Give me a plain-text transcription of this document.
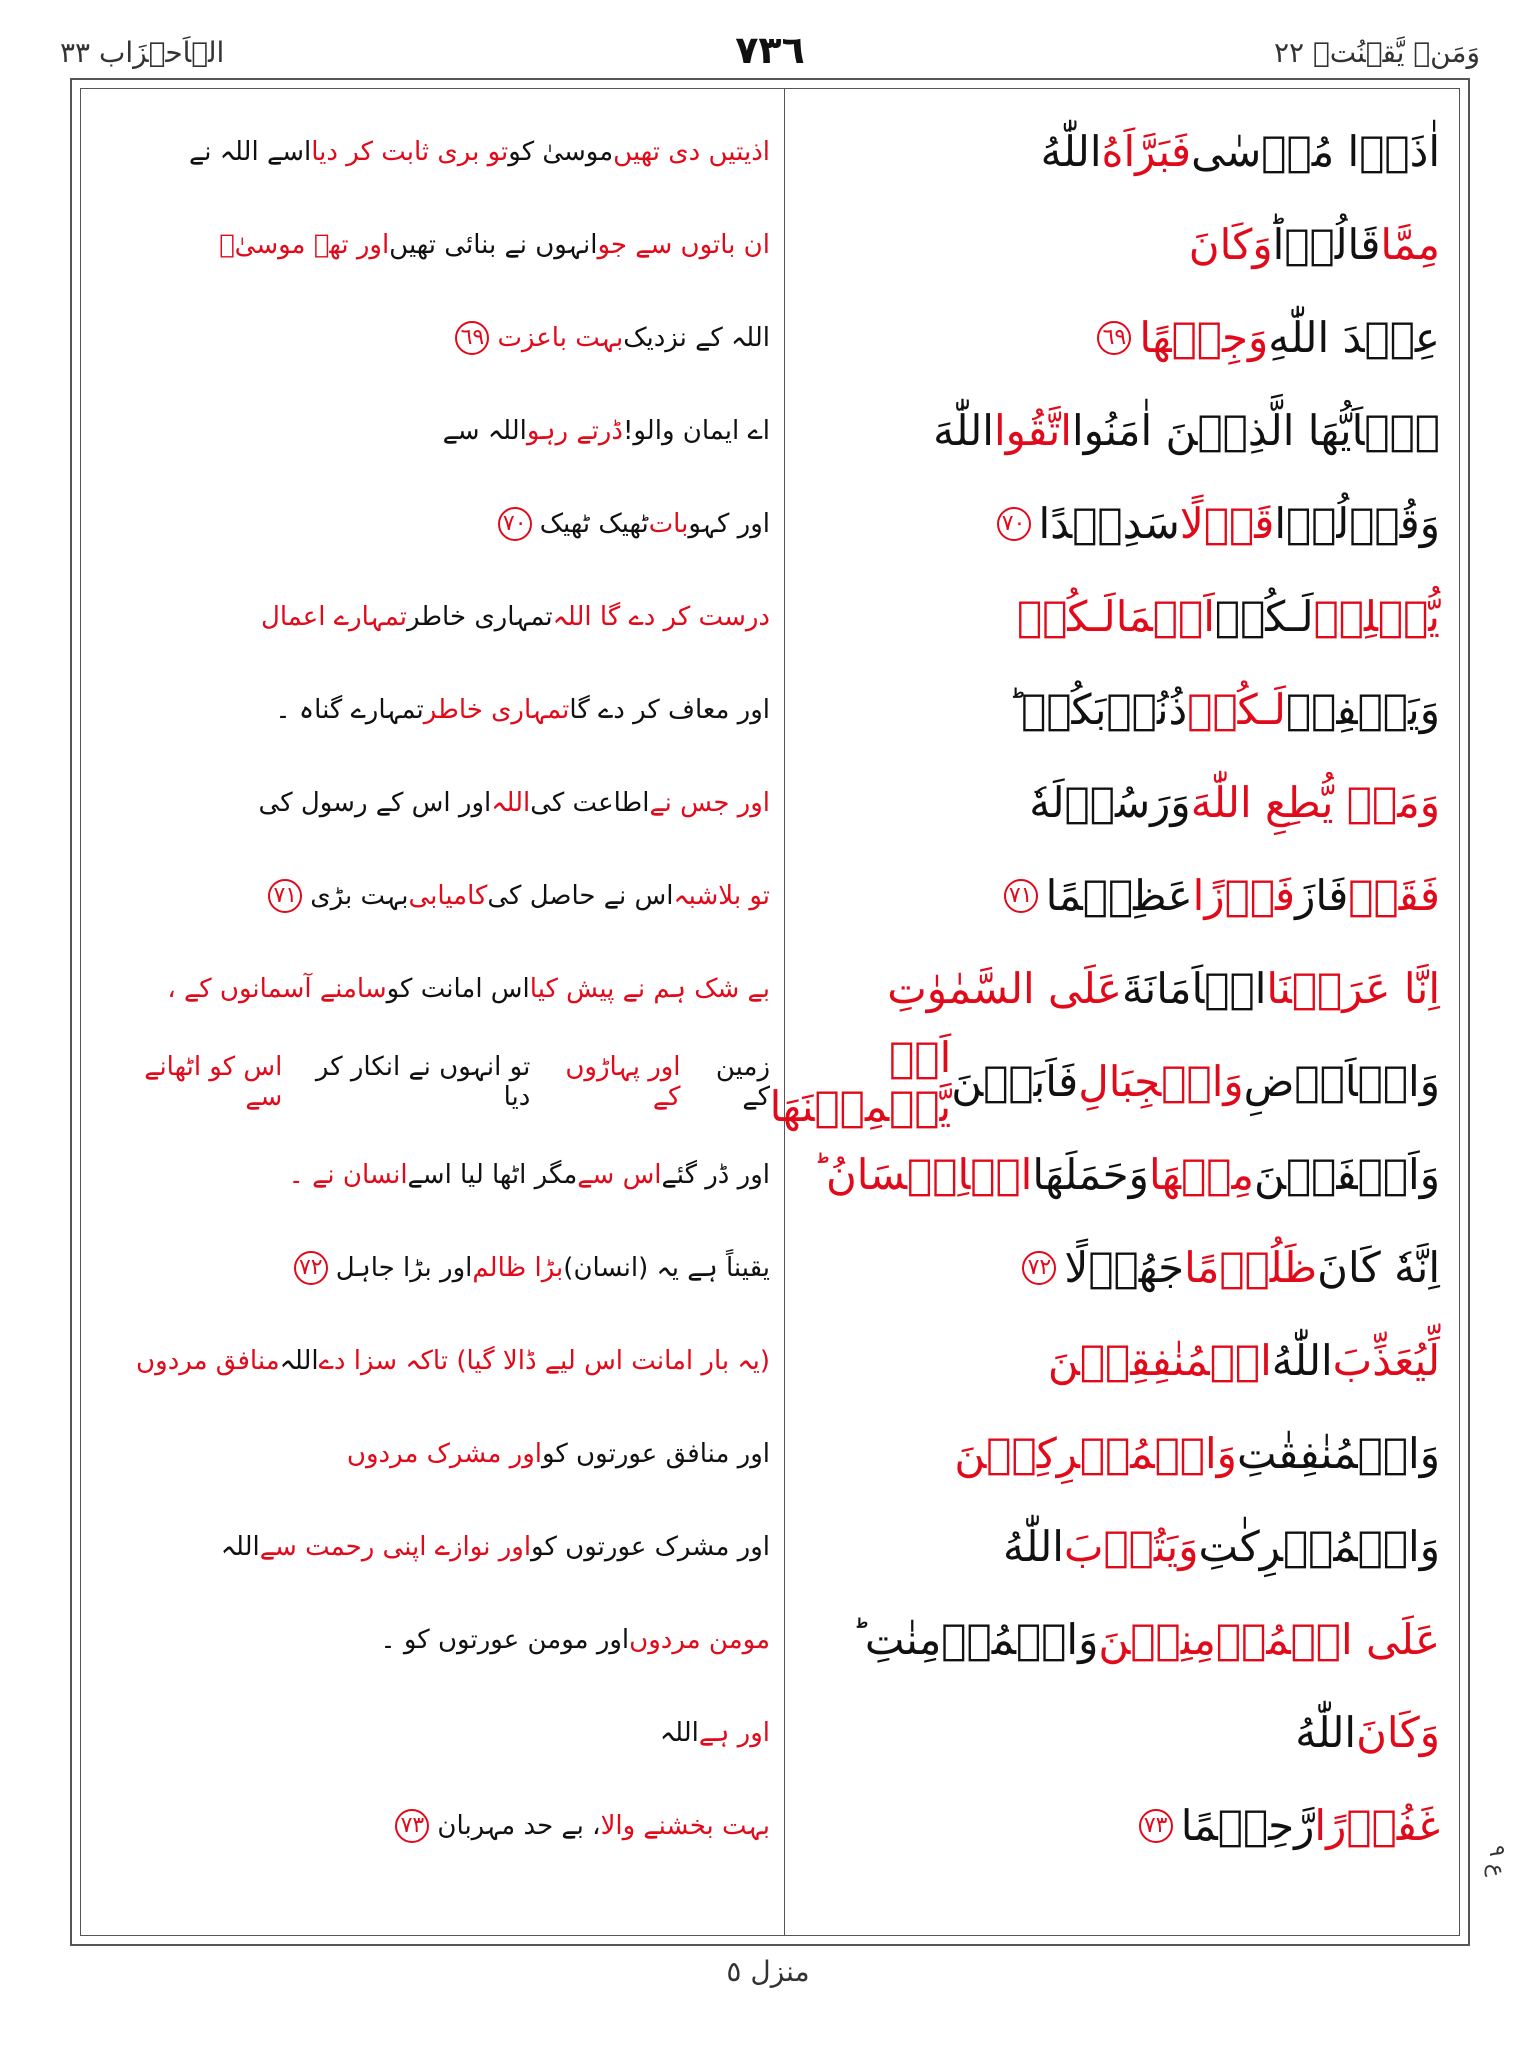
وَمَنۡ يَّقۡنُتۡ ٢٢
٧٣٦
الۡاَحۡزَاب ٣٣
اٰذَوۡا مُوۡسٰى
فَبَرَّاَهُ
اللّٰهُ
مِمَّا
قَالُوۡا‌ؕ
وَكَانَ
عِنۡدَ اللّٰهِ
وَجِيۡهًا
٦٩
يٰۤاَيُّهَا الَّذِيۡنَ اٰمَنُوا
اتَّقُوا
اللّٰهَ
وَقُوۡلُوۡا
قَوۡلًا
سَدِيۡدًا
٧٠
يُّصۡلِحۡ
لَـكُمۡ
اَعۡمَالَـكُمۡ
وَيَغۡفِرۡ
لَـكُمۡ
ذُنُوۡبَكُمۡ‌ ؕ
وَمَنۡ يُّطِعِ اللّٰهَ
وَرَسُوۡلَهٗ
فَقَدۡ
فَازَ
فَوۡزًا
عَظِيۡمًا
٧١
اِنَّا عَرَضۡنَا
الۡاَمَانَةَ
عَلَى السَّمٰوٰتِ
وَالۡاَرۡضِ
وَالۡجِبَالِ
فَاَبَيۡنَ
اَنۡ يَّحۡمِلۡنَهَا
وَاَشۡفَقۡنَ
مِنۡهَا
وَحَمَلَهَا
الۡاِنۡسَانُ‌ ؕ
اِنَّهٗ كَانَ
ظَلُوۡمًا
جَهُوۡلًا
٧٢
لِّيُعَذِّبَ
اللّٰهُ
الۡمُنٰفِقِيۡنَ
وَالۡمُنٰفِقٰتِ
وَالۡمُشۡرِكِيۡنَ
وَالۡمُشۡرِكٰتِ
وَيَتُوۡبَ
اللّٰهُ
عَلَى الۡمُؤۡمِنِيۡنَ
وَالۡمُؤۡمِنٰتِ‌ ؕ
وَكَانَ
اللّٰهُ
غَفُوۡرًا
رَّحِيۡمًا
٧٣
اذیتیں دی تھیں
موسیٰ کو
تو بری ثابت کر دیا
اسے اللہ نے
ان باتوں سے جو
انہوں نے بنائی تھیں
اور تھے موسیٰؑ
اللہ کے نزدیک
بہت باعزت
٦٩
اے ایمان والو!
ڈرتے رہو
اللہ سے
اور کہو
بات
ٹھیک ٹھیک
٧٠
درست کر دے گا اللہ
تمہاری خاطر
تمہارے اعمال
اور معاف کر دے گا
تمہاری خاطر
تمہارے گناہ ۔
اور جس نے
اطاعت کی
اللہ
اور اس کے رسول کی
تو بلاشبہ
اس نے حاصل کی
کامیابی
بہت بڑی
٧١
بے شک ہم نے پیش کیا
اس امانت کو
سامنے آسمانوں کے ،
زمین کے
اور پہاڑوں کے
تو انہوں نے انکار کر دیا
اس کو اٹھانے سے
اور ڈر گئے
اس سے
مگر اٹھا لیا اسے
انسان نے ۔
یقیناً ہے یہ (انسان)
بڑا ظالم
اور بڑا جاہل
٧٢
(یہ بار امانت اس لیے ڈالا گیا) تاکہ سزا دے
اللہ
منافق مردوں
اور منافق عورتوں کو
اور مشرک مردوں
اور مشرک عورتوں کو
اور نوازے اپنی رحمت سے
اللہ
مومن مردوں
اور مومن عورتوں کو ۔
اور ہے
اللہ
بہت بخشنے والا
، بے حد مہربان
٧٣
ع ٩
منزل ٥
